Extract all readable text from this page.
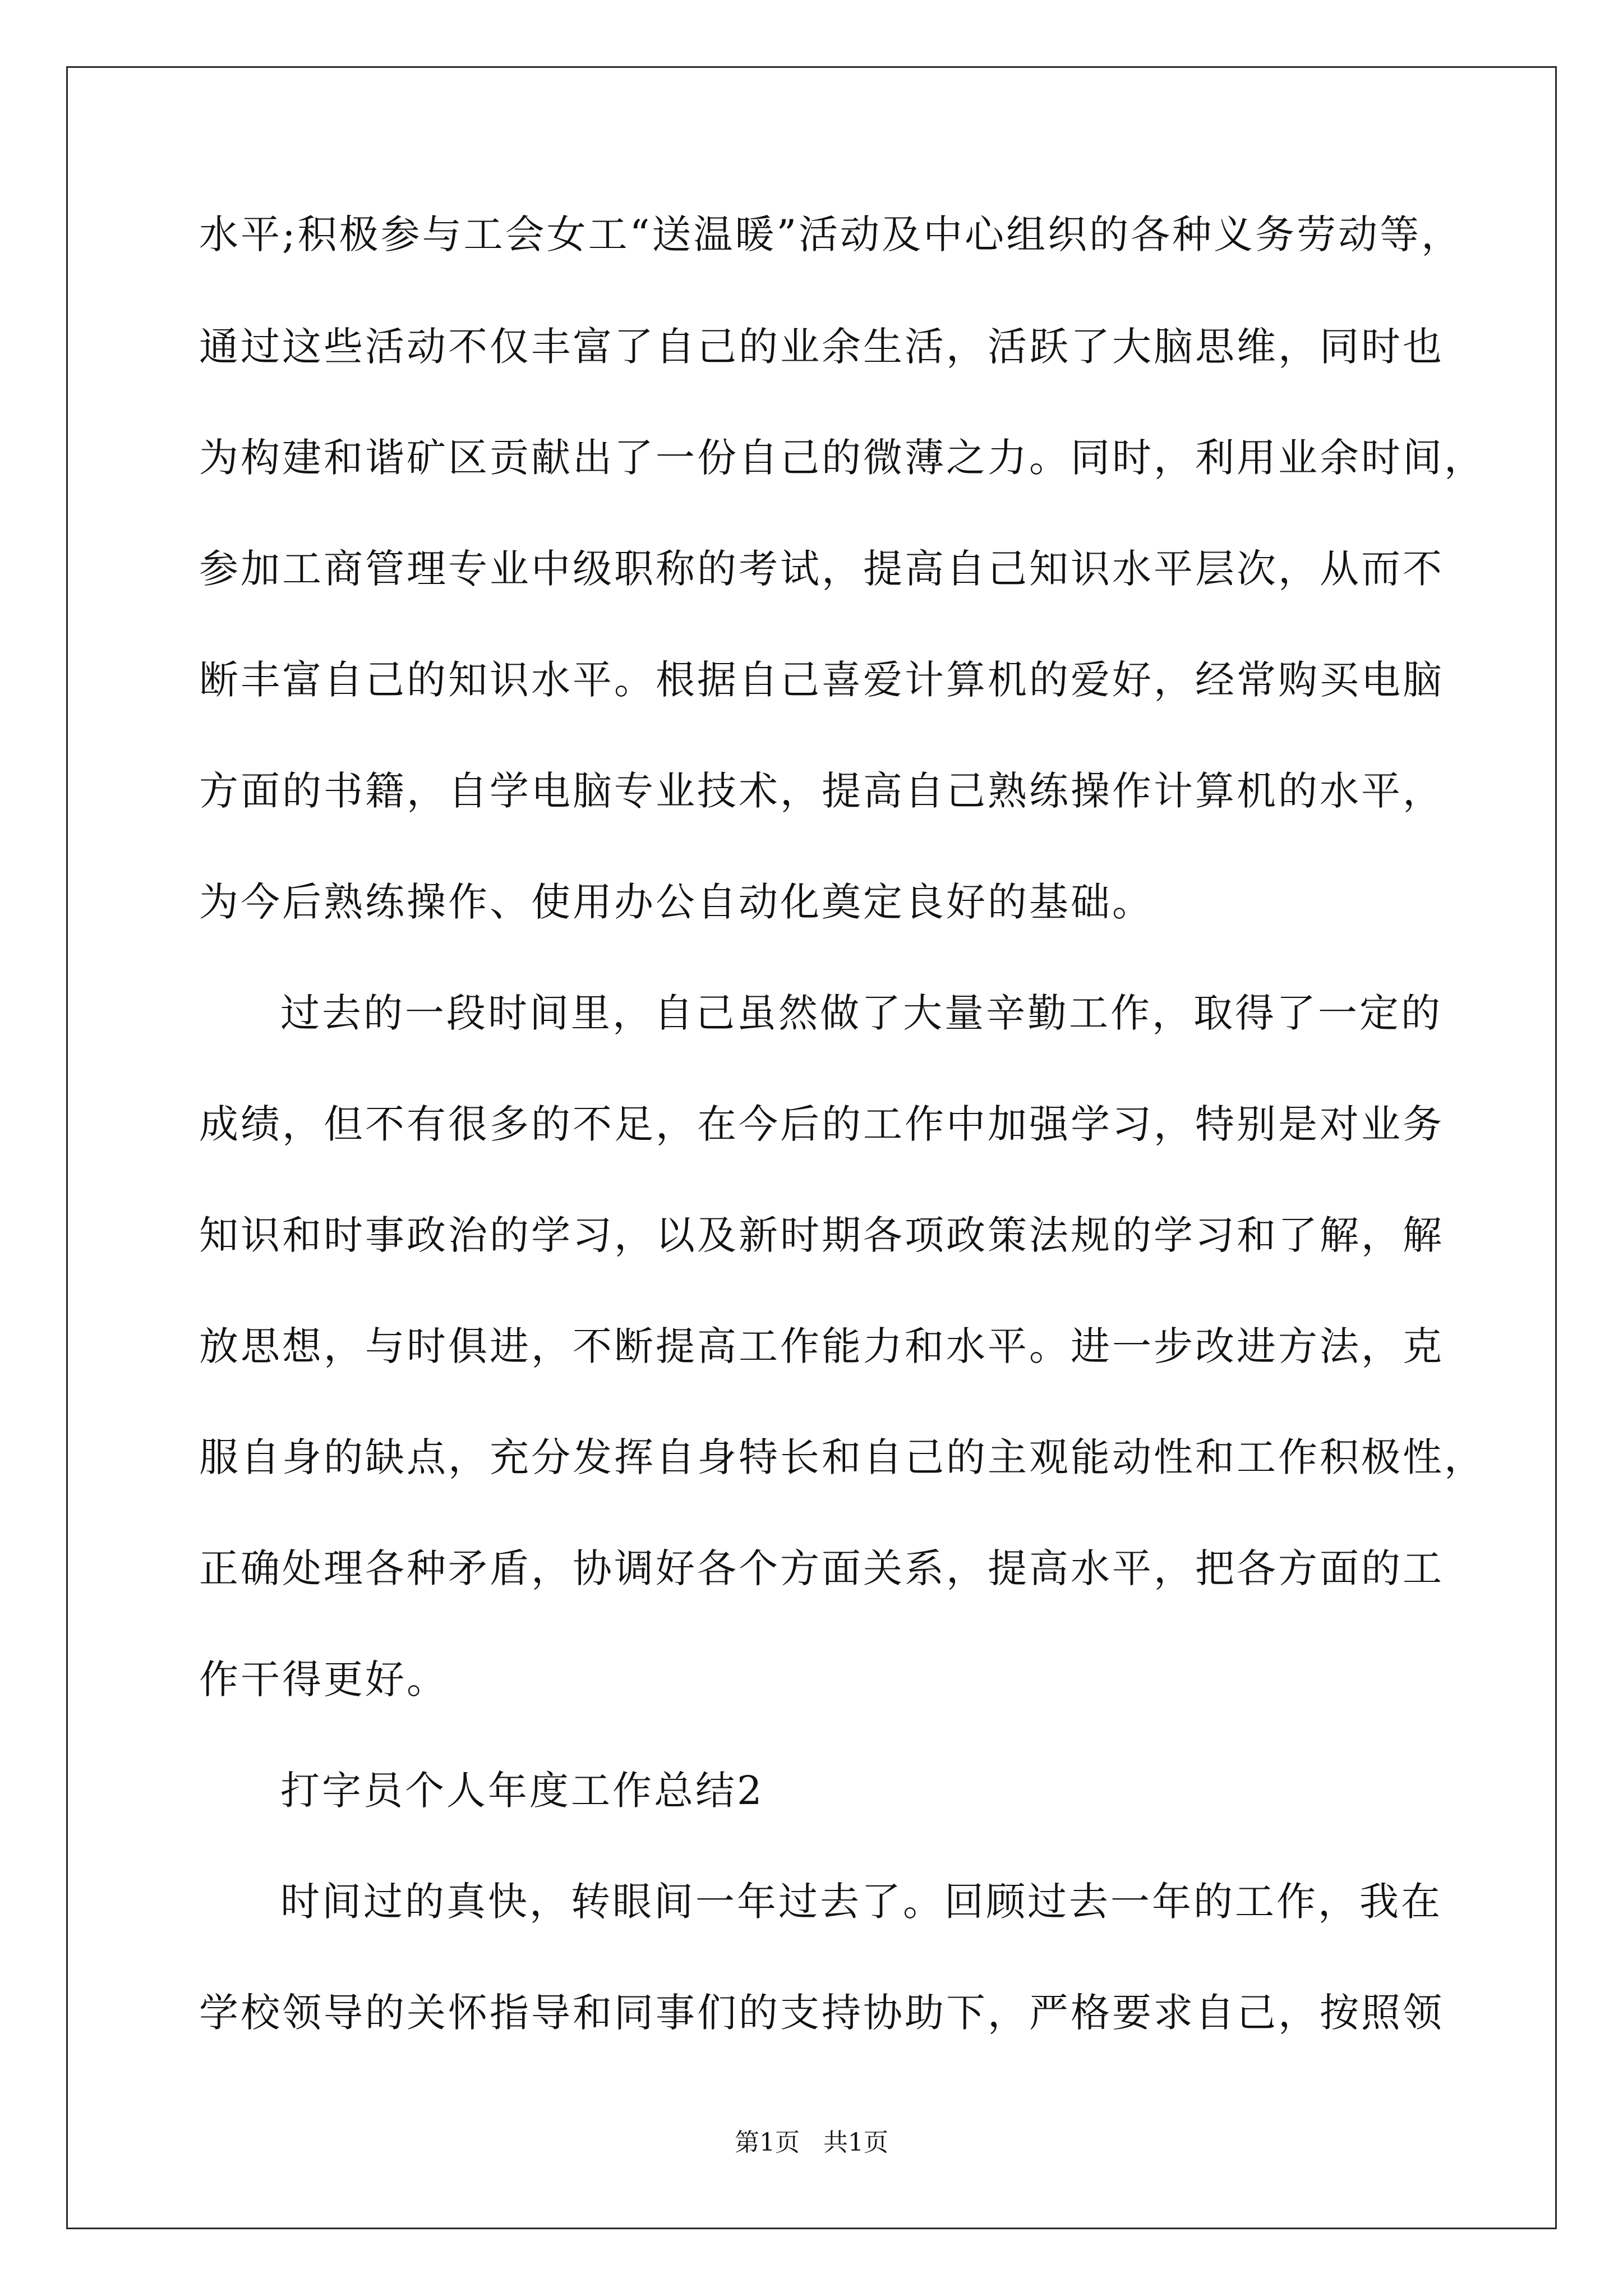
水平;积极参与工会女工“送温暖”活动及中心组织的各种义务劳动等，
通过这些活动不仅丰富了自己的业余生活，活跃了大脑思维，同时也
为构建和谐矿区贡献出了一份自己的微薄之力。同时，利用业余时间，
参加工商管理专业中级职称的考试，提高自己知识水平层次，从而不
断丰富自己的知识水平。根据自己喜爱计算机的爱好，经常购买电脑
方面的书籍，自学电脑专业技术，提高自己熟练操作计算机的水平，
为今后熟练操作、使用办公自动化奠定良好的基础。
过去的一段时间里，自己虽然做了大量辛勤工作，取得了一定的
成绩，但不有很多的不足，在今后的工作中加强学习，特别是对业务
知识和时事政治的学习，以及新时期各项政策法规的学习和了解，解
放思想，与时俱进，不断提高工作能力和水平。进一步改进方法，克
服自身的缺点，充分发挥自身特长和自己的主观能动性和工作积极性，
正确处理各种矛盾，协调好各个方面关系，提高水平，把各方面的工
作干得更好。
打字员个人年度工作总结2
时间过的真快，转眼间一年过去了。回顾过去一年的工作，我在
学校领导的关怀指导和同事们的支持协助下，严格要求自己，按照领
第1页   共1页
